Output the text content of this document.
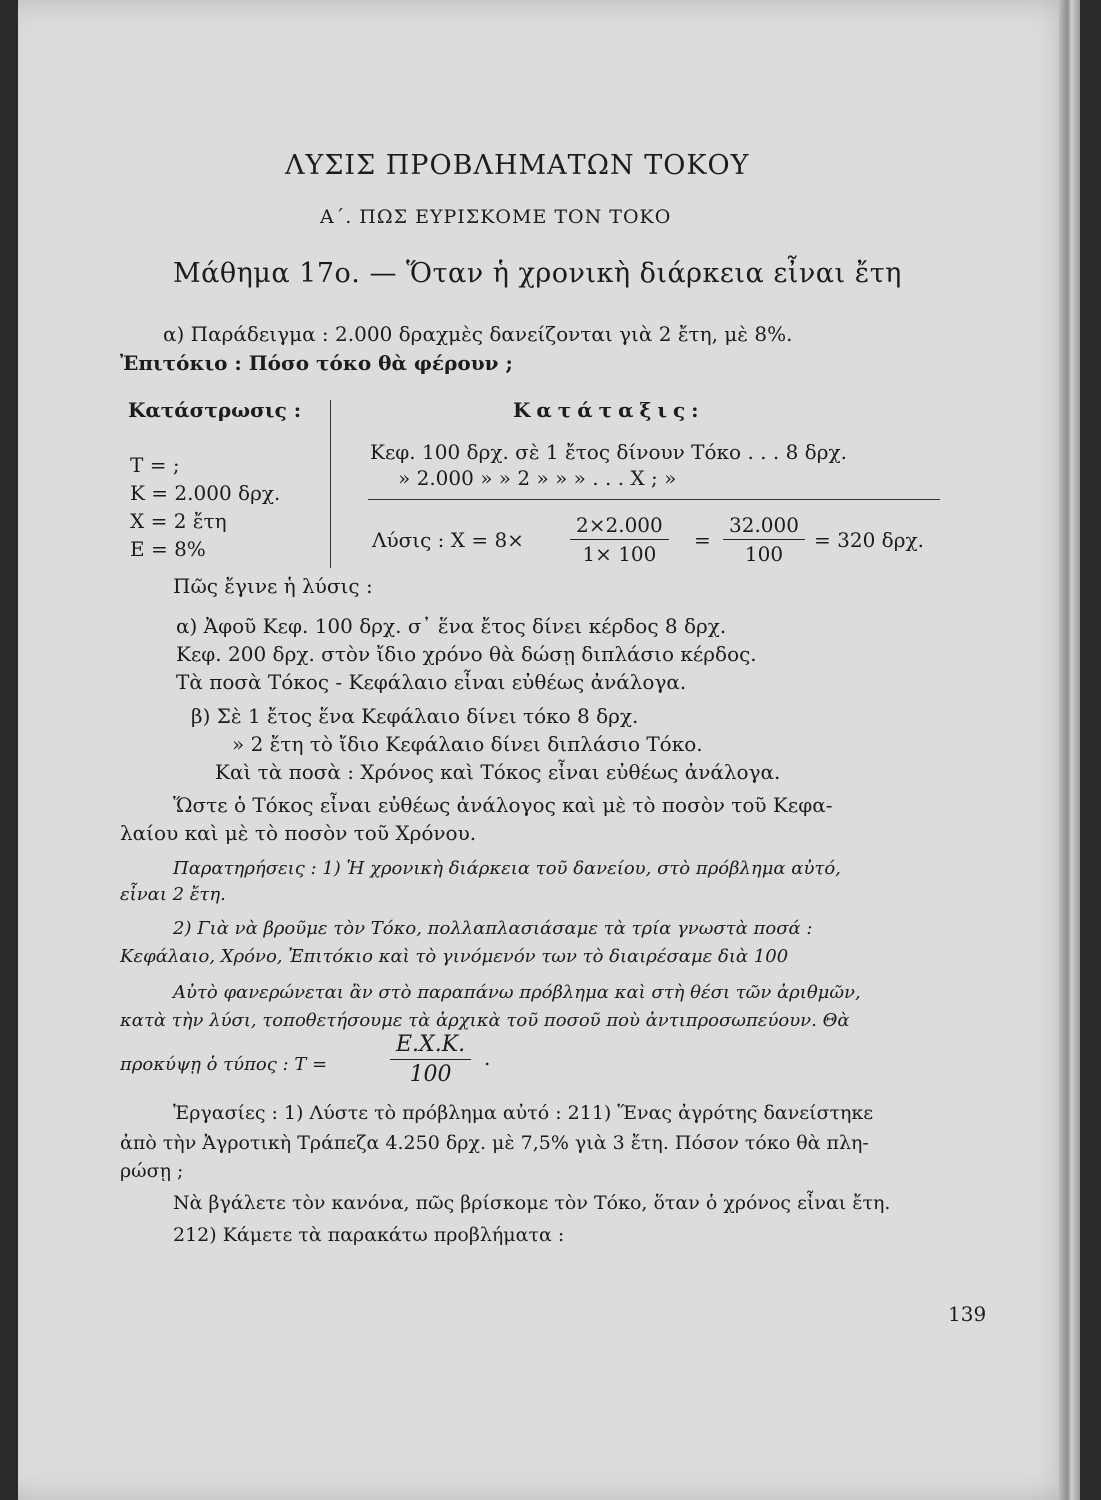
ΛΥΣΙΣ ΠΡΟΒΛΗΜΑΤΩΝ ΤΟΚΟΥ
Α΄. ΠΩΣ ΕΥΡΙΣΚΟΜΕ ΤΟΝ ΤΟΚΟ
Μάθημα 17ο. — Ὅταν ἡ χρονικὴ διάρκεια εἶναι ἔτη
α) Παράδειγμα : 2.000 δραχμὲς δανείζονται γιὰ 2 ἔτη, μὲ 8%.
Ἐπιτόκιο : Πόσο τόκο θὰ φέρουν ;
Κατάστρωσις :
Τ = ;
Κ = 2.000 δρχ.
Χ = 2 ἔτη
Ε = 8%
Κατάταξις:
Κεφ. 100 δρχ. σὲ 1 ἔτος δίνουν Τόκο . . . 8 δρχ.
» 2.000 » » 2 » » » . . . Χ ; »
Λύσις : $X = 8\times \frac{2\times 2.000}{1\times 100} = \frac{32.000}{100} = 320$ δρχ.
Πῶς ἔγινε ἡ λύσις :
α) Ἀφοῦ Κεφ. 100 δρχ. σ᾽ ἕνα ἔτος δίνει κέρδος 8 δρχ.
Κεφ. 200 δρχ. στὸν ἴδιο χρόνο θὰ δώσῃ διπλάσιο κέρδος.
Τὰ ποσὰ Τόκος - Κεφάλαιο εἶναι εὐθέως ἀνάλογα.
β) Σὲ 1 ἔτος ἕνα Κεφάλαιο δίνει τόκο 8 δρχ.
» 2 ἔτη τὸ ἴδιο Κεφάλαιο δίνει διπλάσιο Τόκο.
Καὶ τὰ ποσὰ : Χρόνος καὶ Τόκος εἶναι εὐθέως ἀνάλογα.
Ὥστε ὁ Τόκος εἶναι εὐθέως ἀνάλογος καὶ μὲ τὸ ποσὸν τοῦ Κεφα-
λαίου καὶ μὲ τὸ ποσὸν τοῦ Χρόνου.
Παρατηρήσεις : 1) Ἡ χρονικὴ διάρκεια τοῦ δανείου, στὸ πρόβλημα αὐτό,
εἶναι 2 ἔτη.
2) Γιὰ νὰ βροῦμε τὸν Τόκο, πολλαπλασιάσαμε τὰ τρία γνωστὰ ποσά :
Κεφάλαιο, Χρόνο, Ἐπιτόκιο καὶ τὸ γινόμενόν των τὸ διαιρέσαμε διὰ 100
Αὐτὸ φανερώνεται ἂν στὸ παραπάνω πρόβλημα καὶ στὴ θέσι τῶν ἀριθμῶν,
κατὰ τὴν λύσι, τοποθετήσουμε τὰ ἀρχικὰ τοῦ ποσοῦ ποὺ ἀντιπροσωπεύουν. Θὰ
προκύψῃ ὁ τύπος : Τ =	$\frac{E.X.K.}{100}$ .
Ἐργασίες : 1) Λύστε τὸ πρόβλημα αὐτό : 211) Ἕνας ἀγρότης δανείστηκε
ἀπὸ τὴν Ἀγροτικὴ Τράπεζα 4.250 δρχ. μὲ 7,5% γιὰ 3 ἔτη. Πόσον τόκο θὰ πλη-
ρώσῃ ;
Νὰ βγάλετε τὸν κανόνα, πῶς βρίσκομε τὸν Τόκο, ὅταν ὁ χρόνος εἶναι ἔτη.
212) Κάμετε τὰ παρακάτω προβλήματα :
139
